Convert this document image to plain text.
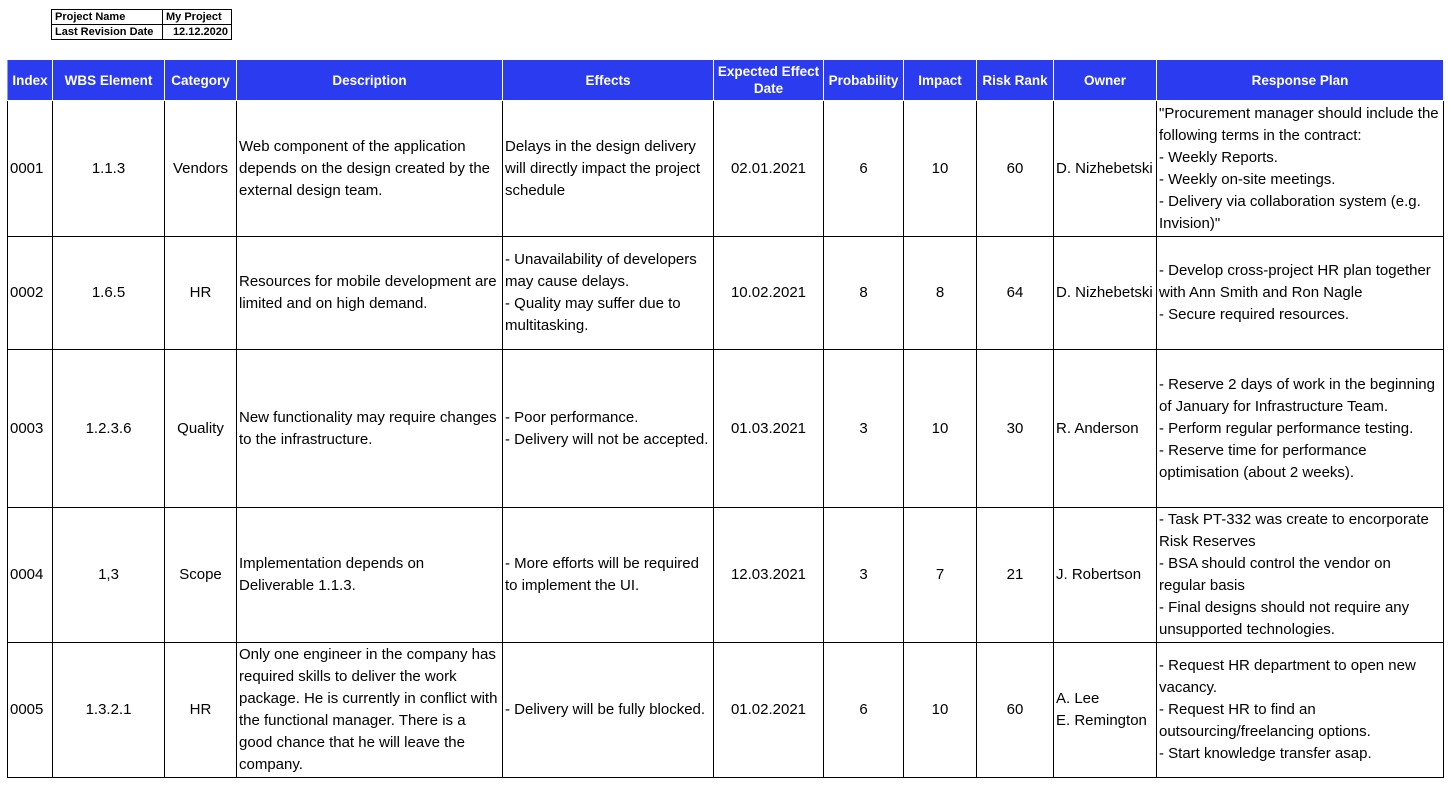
Project Name	My Project
Last Revision Date	12.12.2020
Index	WBS Element	Category	Description	Effects	Expected Effect Date	Probability	Impact	Risk Rank	Owner	Response Plan
0001	1.1.3	Vendors	Web component of the application depends on the design created by the external design team.	Delays in the design delivery will directly impact the project schedule	02.01.2021	6	10	60	D. Nizhebetski	"Procurement manager should include the following terms in the contract:
- Weekly Reports.
- Weekly on-site meetings.
- Delivery via collaboration system (e.g. Invision)"
0002	1.6.5	HR	Resources for mobile development are limited and on high demand.	- Unavailability of developers may cause delays.
- Quality may suffer due to multitasking.	10.02.2021	8	8	64	D. Nizhebetski	- Develop cross-project HR plan together with Ann Smith and Ron Nagle
- Secure required resources.
0003	1.2.3.6	Quality	New functionality may require changes to the infrastructure.	- Poor performance.
- Delivery will not be accepted.	01.03.2021	3	10	30	R. Anderson	- Reserve 2 days of work in the beginning of January for Infrastructure Team.
- Perform regular performance testing.
- Reserve time for performance optimisation (about 2 weeks).
0004	1,3	Scope	Implementation depends on Deliverable 1.1.3.	- More efforts will be required to implement the UI.	12.03.2021	3	7	21	J. Robertson	- Task PT-332 was create to encorporate Risk Reserves
- BSA should control the vendor on regular basis
- Final designs should not require any unsupported technologies.
0005	1.3.2.1	HR	Only one engineer in the company has required skills to deliver the work package. He is currently in conflict with the functional manager. There is a good chance that he will leave the company.	- Delivery will be fully blocked.	01.02.2021	6	10	60	A. Lee
E. Remington	- Request HR department to open new vacancy.
- Request HR to find an outsourcing/freelancing options.
- Start knowledge transfer asap.
